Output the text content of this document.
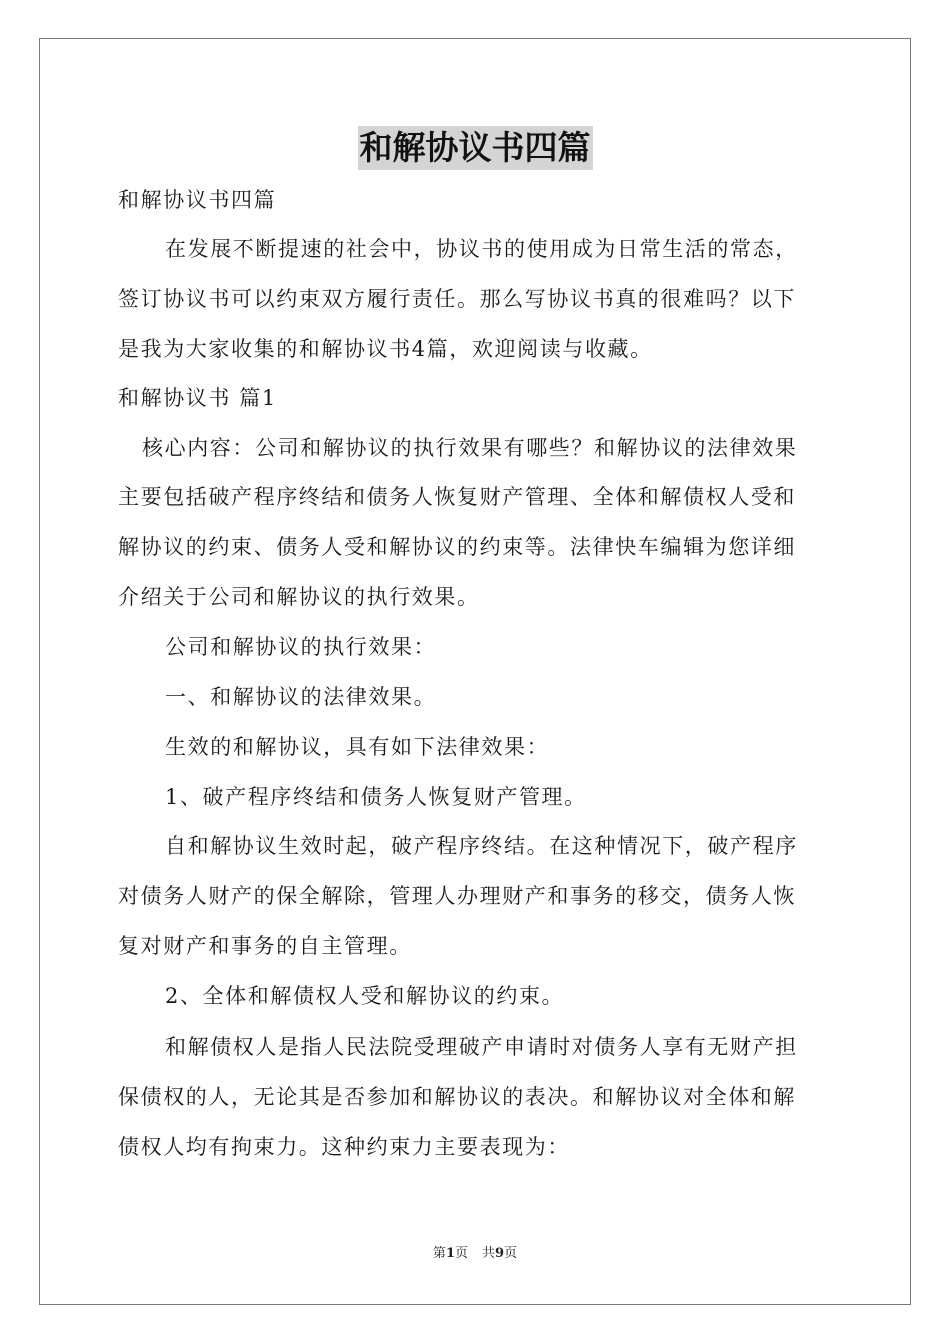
和解协议书四篇
和解协议书四篇
在发展不断提速的社会中，协议书的使用成为日常生活的常态，
签订协议书可以约束双方履行责任。那么写协议书真的很难吗？以下
是我为大家收集的和解协议书4篇，欢迎阅读与收藏。
和解协议书 篇1
核心内容：公司和解协议的执行效果有哪些？和解协议的法律效果
主要包括破产程序终结和债务人恢复财产管理、全体和解债权人受和
解协议的约束、债务人受和解协议的约束等。法律快车编辑为您详细
介绍关于公司和解协议的执行效果。
公司和解协议的执行效果：
一、和解协议的法律效果。
生效的和解协议，具有如下法律效果：
1、破产程序终结和债务人恢复财产管理。
自和解协议生效时起，破产程序终结。在这种情况下，破产程序
对债务人财产的保全解除，管理人办理财产和事务的移交，债务人恢
复对财产和事务的自主管理。
2、全体和解债权人受和解协议的约束。
和解债权人是指人民法院受理破产申请时对债务人享有无财产担
保债权的人，无论其是否参加和解协议的表决。和解协议对全体和解
债权人均有拘束力。这种约束力主要表现为：
第1页 共9页
